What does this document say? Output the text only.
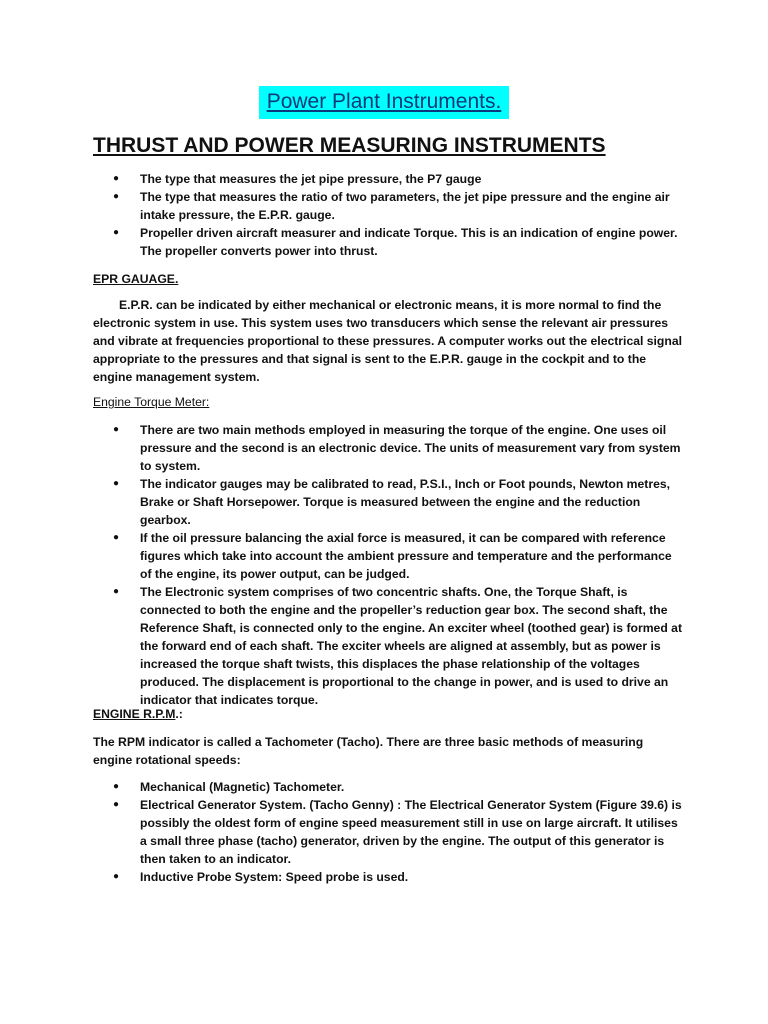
Power Plant Instruments.
THRUST AND POWER MEASURING INSTRUMENTS
● The type that measures the jet pipe pressure, the P7 gauge
● The type that measures the ratio of two parameters, the jet pipe pressure and the engine air intake pressure, the E.P.R. gauge.
● Propeller driven aircraft measurer and indicate Torque. This is an indication of engine power. The propeller converts power into thrust.
EPR GAUAGE.
E.P.R. can be indicated by either mechanical or electronic means, it is more normal to find the electronic system in use. This system uses two transducers which sense the relevant air pressures and vibrate at frequencies proportional to these pressures. A computer works out the electrical signal appropriate to the pressures and that signal is sent to the E.P.R. gauge in the cockpit and to the engine management system.
Engine Torque Meter:
● There are two main methods employed in measuring the torque of the engine. One uses oil pressure and the second is an electronic device. The units of measurement vary from system to system.
● The indicator gauges may be calibrated to read, P.S.I., Inch or Foot pounds, Newton metres, Brake or Shaft Horsepower. Torque is measured between the engine and the reduction gearbox.
● If the oil pressure balancing the axial force is measured, it can be compared with reference figures which take into account the ambient pressure and temperature and the performance of the engine, its power output, can be judged.
● The Electronic system comprises of two concentric shafts. One, the Torque Shaft, is connected to both the engine and the propeller’s reduction gear box. The second shaft, the Reference Shaft, is connected only to the engine. An exciter wheel (toothed gear) is formed at the forward end of each shaft. The exciter wheels are aligned at assembly, but as power is increased the torque shaft twists, this displaces the phase relationship of the voltages produced. The displacement is proportional to the change in power, and is used to drive an indicator that indicates torque.
ENGINE R.P.M.:
The RPM indicator is called a Tachometer (Tacho). There are three basic methods of measuring engine rotational speeds:
● Mechanical (Magnetic) Tachometer.
● Electrical Generator System. (Tacho Genny) : The Electrical Generator System (Figure 39.6) is possibly the oldest form of engine speed measurement still in use on large aircraft. It utilises a small three phase (tacho) generator, driven by the engine. The output of this generator is then taken to an indicator.
● Inductive Probe System: Speed probe is used.
